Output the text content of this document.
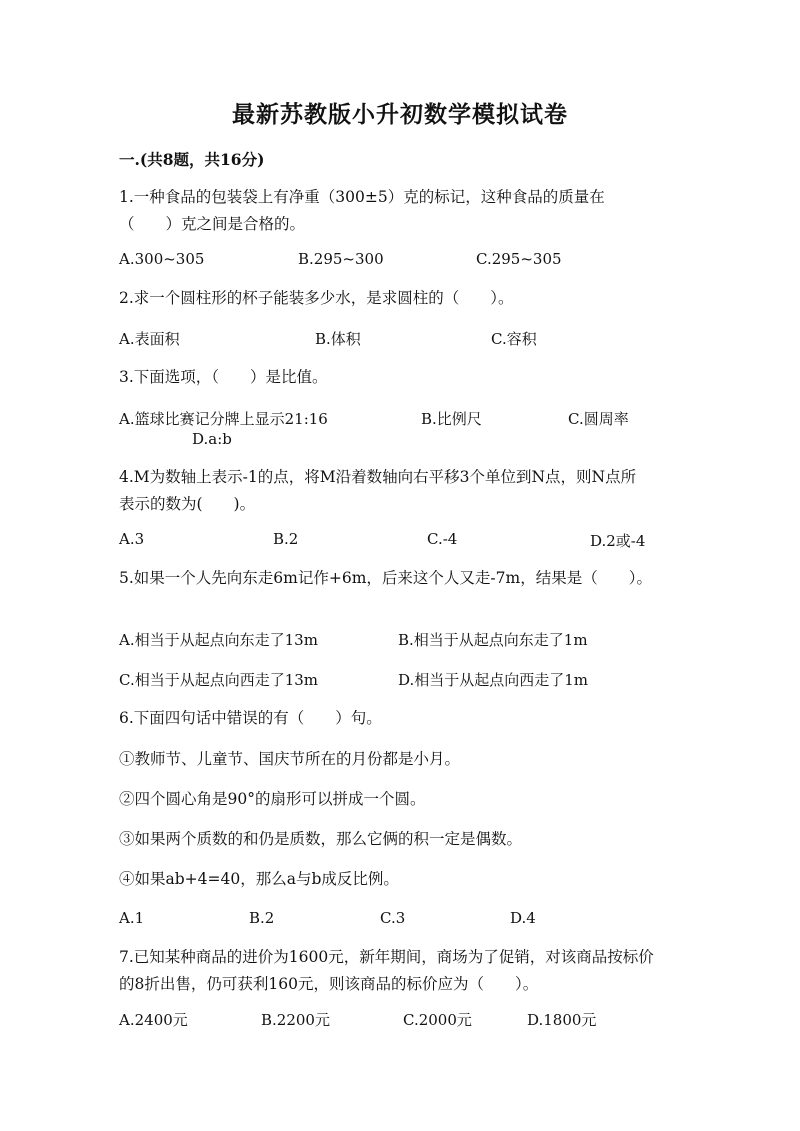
最新苏教版小升初数学模拟试卷
一.(共8题，共16分)
1.一种食品的包装袋上有净重（300±5）克的标记，这种食品的质量在
（　　）克之间是合格的。
A.300~305	B.295~300	C.295~305
2.求一个圆柱形的杯子能装多少水，是求圆柱的（　　）。
A.表面积	B.体积	C.容积
3.下面选项，（　　）是比值。
A.篮球比赛记分牌上显示21:16	B.比例尺	C.圆周率
D.a:b
4.M为数轴上表示-1的点，将M沿着数轴向右平移3个单位到N点，则N点所
表示的数为(　　)。
A.3	B.2	C.-4	D.2或-4
5.如果一个人先向东走6m记作+6m，后来这个人又走-7m，结果是（　　）。
A.相当于从起点向东走了13m	B.相当于从起点向东走了1m
C.相当于从起点向西走了13m	D.相当于从起点向西走了1m
6.下面四句话中错误的有（　　）句。
①教师节、儿童节、国庆节所在的月份都是小月。
②四个圆心角是90°的扇形可以拼成一个圆。
③如果两个质数的和仍是质数，那么它俩的积一定是偶数。
④如果ab+4=40，那么a与b成反比例。
A.1	B.2	C.3	D.4
7.已知某种商品的进价为1600元，新年期间，商场为了促销，对该商品按标价
的8折出售，仍可获利160元，则该商品的标价应为（　　）。
A.2400元	B.2200元	C.2000元	D.1800元
